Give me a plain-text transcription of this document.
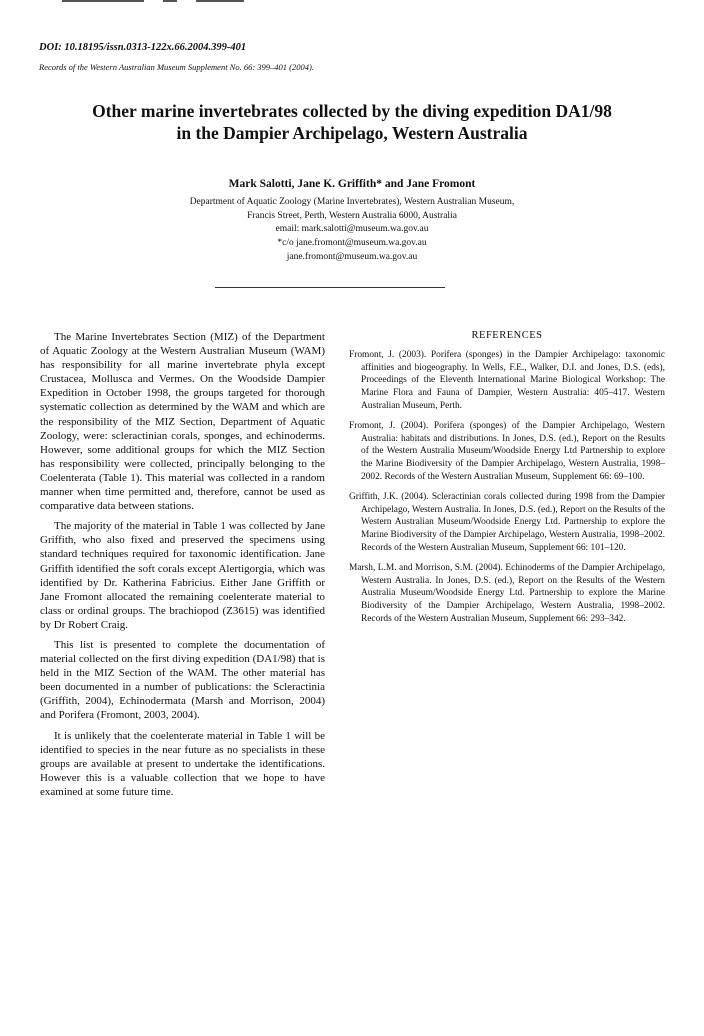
DOI: 10.18195/issn.0313-122x.66.2004.399-401
Records of the Western Australian Museum Supplement No. 66: 399–401 (2004).
Other marine invertebrates collected by the diving expedition DA1/98
in the Dampier Archipelago, Western Australia
Mark Salotti, Jane K. Griffith* and Jane Fromont
Department of Aquatic Zoology (Marine Invertebrates), Western Australian Museum,
Francis Street, Perth, Western Australia 6000, Australia
email: mark.salotti@museum.wa.gov.au
*c/o jane.fromont@museum.wa.gov.au
jane.fromont@museum.wa.gov.au

The Marine Invertebrates Section (MIZ) of the Department of Aquatic Zoology at the Western Australian Museum (WAM) has responsibility for all marine invertebrate phyla except Crustacea, Mollusca and Vermes. On the Woodside Dampier Expedition in October 1998, the groups targeted for thorough systematic collection as determined by the WAM and which are the responsibility of the MIZ Section, Department of Aquatic Zoology, were: scleractinian corals, sponges, and echinoderms. However, some additional groups for which the MIZ Section has responsibility were collected, principally belonging to the Coelenterata (Table 1). This material was collected in a random manner when time permitted and, therefore, cannot be used as comparative data between stations.

The majority of the material in Table 1 was collected by Jane Griffith, who also fixed and preserved the specimens using standard techniques required for taxonomic identification. Jane Griffith identified the soft corals except Alertigorgia, which was identified by Dr. Katherina Fabricius. Either Jane Griffith or Jane Fromont allocated the remaining coelenterate material to class or ordinal groups. The brachiopod (Z3615) was identified by Dr Robert Craig.

This list is presented to complete the documentation of material collected on the first diving expedition (DA1/98) that is held in the MIZ Section of the WAM. The other material has been documented in a number of publications: the Scleractinia (Griffith, 2004), Echinodermata (Marsh and Morrison, 2004) and Porifera (Fromont, 2003, 2004).

It is unlikely that the coelenterate material in Table 1 will be identified to species in the near future as no specialists in these groups are available at present to undertake the identifications. However this is a valuable collection that we hope to have examined at some future time.

REFERENCES

Fromont, J. (2003). Porifera (sponges) in the Dampier Archipelago: taxonomic affinities and biogeography. In Wells, F.E., Walker, D.I. and Jones, D.S. (eds), Proceedings of the Eleventh International Marine Biological Workshop: The Marine Flora and Fauna of Dampier, Western Australia: 405–417. Western Australian Museum, Perth.

Fromont, J. (2004). Porifera (sponges) of the Dampier Archipelago, Western Australia: habitats and distributions. In Jones, D.S. (ed.), Report on the Results of the Western Australia Museum/Woodside Energy Ltd Partnership to explore the Marine Biodiversity of the Dampier Archipelago, Western Australia, 1998–2002. Records of the Western Australian Museum, Supplement 66: 69–100.

Griffith, J.K. (2004). Scleractinian corals collected during 1998 from the Dampier Archipelago, Western Australia. In Jones, D.S. (ed.), Report on the Results of the Western Australian Museum/Woodside Energy Ltd. Partnership to explore the Marine Biodiversity of the Dampier Archipelago, Western Australia, 1998–2002. Records of the Western Australian Museum, Supplement 66: 101–120.

Marsh, L.M. and Morrison, S.M. (2004). Echinoderms of the Dampier Archipelago, Western Australia. In Jones, D.S. (ed.), Report on the Results of the Western Australia Museum/Woodside Energy Ltd. Partnership to explore the Marine Biodiversity of the Dampier Archipelago, Western Australia, 1998–2002. Records of the Western Australian Museum, Supplement 66: 293–342.
